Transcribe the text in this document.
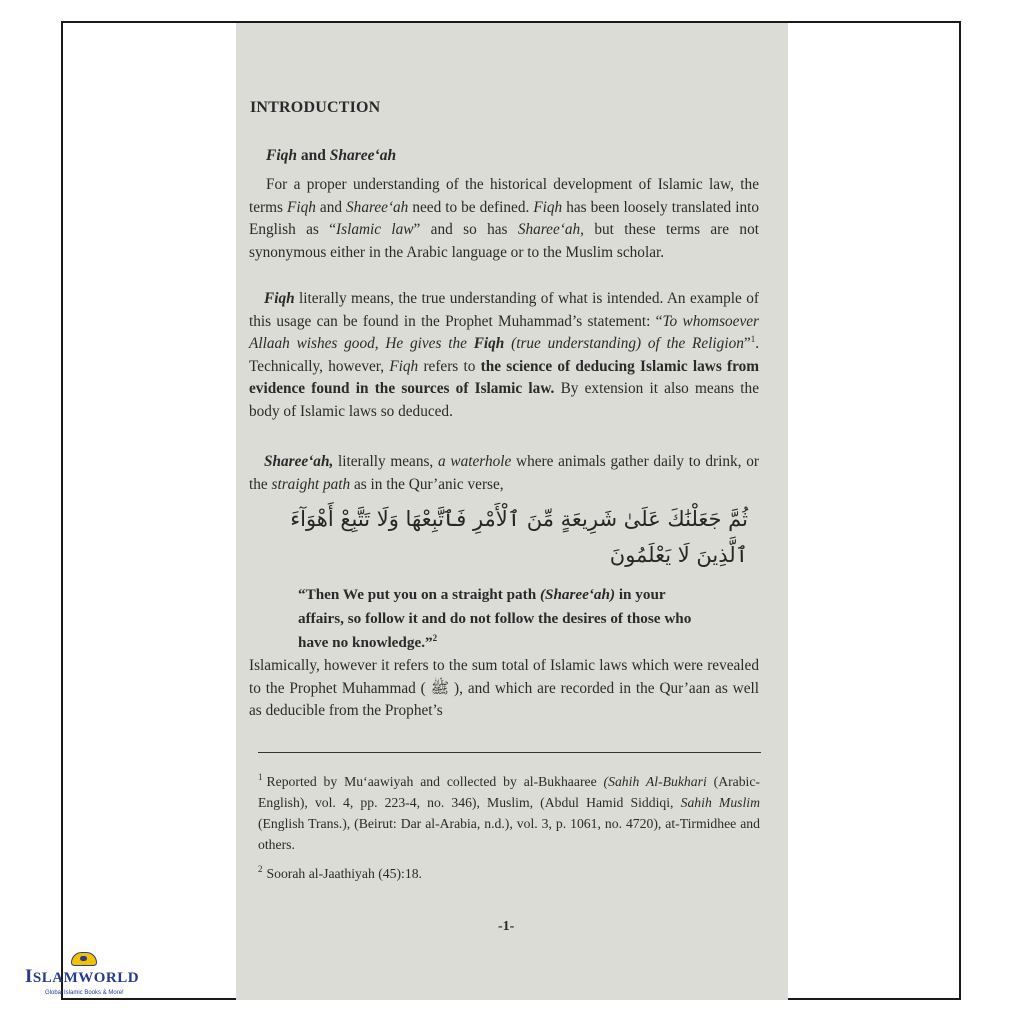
INTRODUCTION
Fiqh and Sharee‘ah

For a proper understanding of the historical development of Islamic law, the terms Fiqh and Sharee‘ah need to be defined. Fiqh has been loosely translated into English as “Islamic law” and so has Sharee‘ah, but these terms are not synonymous either in the Arabic language or to the Muslim scholar.

Fiqh literally means, the true understanding of what is intended. An example of this usage can be found in the Prophet Muhammad’s statement: “To whomsoever Allaah wishes good, He gives the Fiqh (true understanding) of the Religion”$^1$. Technically, however, Fiqh refers to the science of deducing Islamic laws from evidence found in the sources of Islamic law. By extension it also means the body of Islamic laws so deduced.

Sharee‘ah, literally means, a waterhole where animals gather daily to drink, or the straight path as in the Qur’anic verse,

ثُمَّ جَعَلْنَٰكَ عَلَىٰ شَرِيعَةٍ مِّنَ ٱلْأَمْرِ فَٱتَّبِعْهَا وَلَا تَتَّبِعْ أَهْوَآءَ ٱلَّذِينَ لَا يَعْلَمُونَ

“Then We put you on a straight path (Sharee‘ah) in your affairs, so follow it and do not follow the desires of those who have no knowledge.”$^2$

Islamically, however it refers to the sum total of Islamic laws which were revealed to the Prophet Muhammad ( ﷺ ), and which are recorded in the Qur’aan as well as deducible from the Prophet’s

$^1$ Reported by Mu‘aawiyah and collected by al-Bukhaaree (Sahih Al-Bukhari (Arabic-English), vol. 4, pp. 223-4, no. 346), Muslim, (Abdul Hamid Siddiqi, Sahih Muslim (English Trans.), (Beirut: Dar al-Arabia, n.d.), vol. 3, p. 1061, no. 4720), at-Tirmidhee and others.

$^2$ Soorah al-Jaathiyah (45):18.

-1-
ISLAMWORLD
Global Islamic Books & More!
